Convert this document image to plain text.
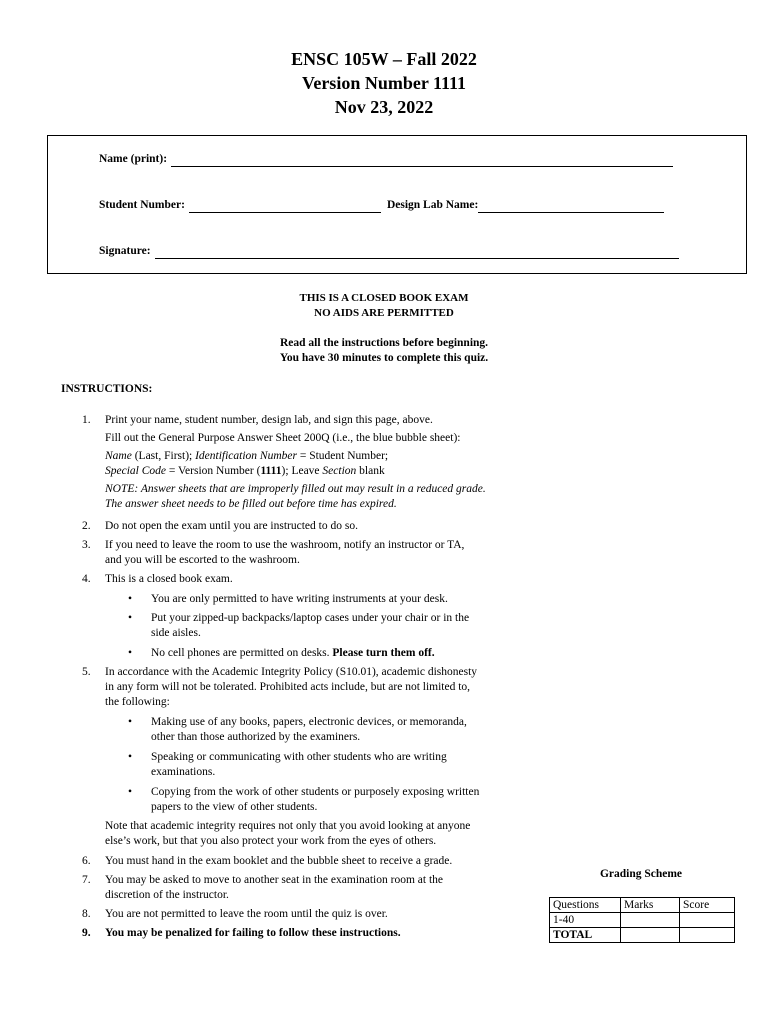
ENSC 105W – Fall 2022
Version Number 1111
Nov 23, 2022
Name (print):
Student Number:	Design Lab Name:
Signature:
THIS IS A CLOSED BOOK EXAM
NO AIDS ARE PERMITTED
Read all the instructions before beginning.
You have 30 minutes to complete this quiz.
INSTRUCTIONS:
1.	Print your name, student number, design lab, and sign this page, above.
Fill out the General Purpose Answer Sheet 200Q (i.e., the blue bubble sheet):
Name (Last, First); Identification Number = Student Number;
Special Code = Version Number (1111); Leave Section blank
NOTE: Answer sheets that are improperly filled out may result in a reduced grade.
The answer sheet needs to be filled out before time has expired.
2.	Do not open the exam until you are instructed to do so.
3.	If you need to leave the room to use the washroom, notify an instructor or TA,
and you will be escorted to the washroom.
4.	This is a closed book exam.
• You are only permitted to have writing instruments at your desk.
• Put your zipped-up backpacks/laptop cases under your chair or in the
side aisles.
• No cell phones are permitted on desks. Please turn them off.
5.	In accordance with the Academic Integrity Policy (S10.01), academic dishonesty
in any form will not be tolerated. Prohibited acts include, but are not limited to,
the following:
• Making use of any books, papers, electronic devices, or memoranda,
other than those authorized by the examiners.
• Speaking or communicating with other students who are writing
examinations.
• Copying from the work of other students or purposely exposing written
papers to the view of other students.
Note that academic integrity requires not only that you avoid looking at anyone
else’s work, but that you also protect your work from the eyes of others.
6.	You must hand in the exam booklet and the bubble sheet to receive a grade.
7.	You may be asked to move to another seat in the examination room at the
discretion of the instructor.
8.	You are not permitted to leave the room until the quiz is over.
9.	You may be penalized for failing to follow these instructions.
Grading Scheme
Questions	Marks	Score
1-40		
TOTAL		
